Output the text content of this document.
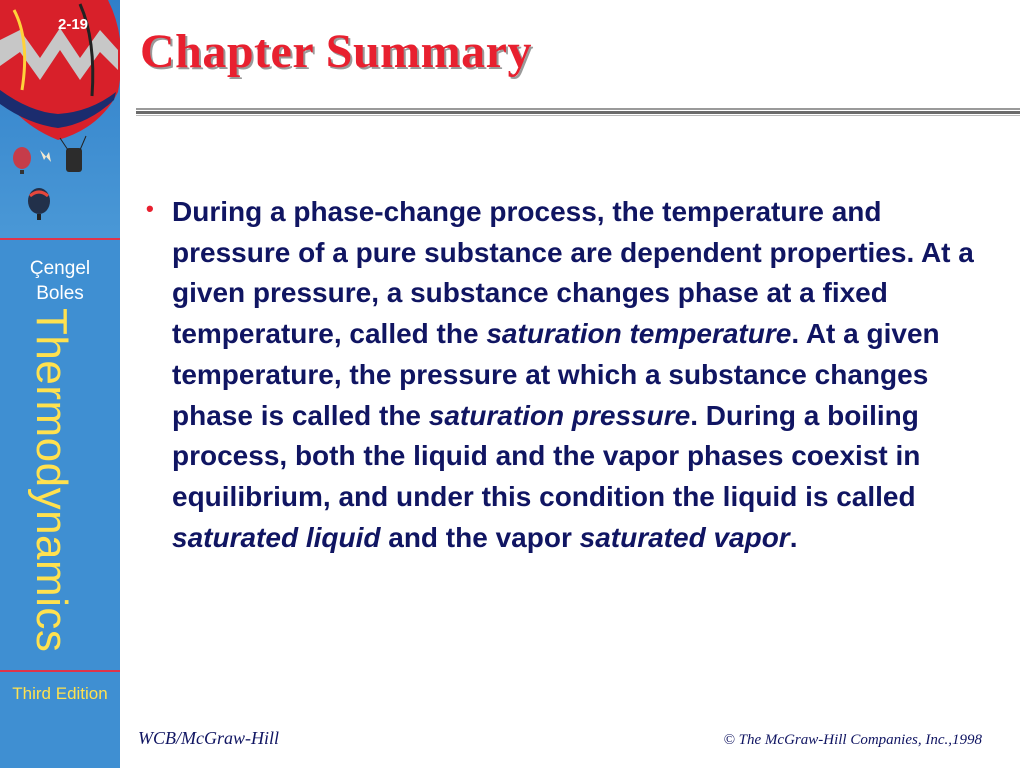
2-19
Çengel
Boles
Thermodynamics
Third Edition
Chapter Summary
• During a phase-change process, the temperature and pressure of a pure substance are dependent properties. At a given pressure, a substance changes phase at a fixed temperature, called the saturation temperature. At a given temperature, the pressure at which a substance changes phase is called the saturation pressure. During a boiling process, both the liquid and the vapor phases coexist in equilibrium, and under this condition the liquid is called saturated liquid and the vapor saturated vapor.
WCB/McGraw-Hill	© The McGraw-Hill Companies, Inc.,1998
